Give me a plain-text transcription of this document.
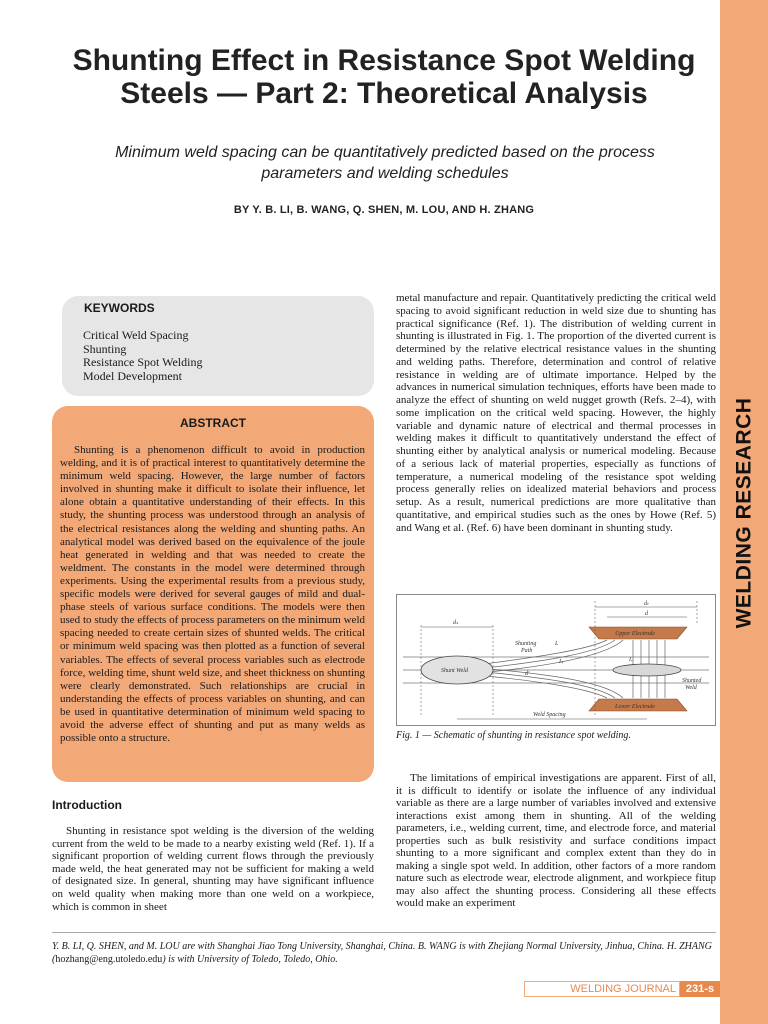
WELDING RESEARCH
Shunting Effect in Resistance Spot Welding Steels — Part 2: Theoretical Analysis

Minimum weld spacing can be quantitatively predicted based on the process parameters and welding schedules

BY Y. B. LI, B. WANG, Q. SHEN, M. LOU, AND H. ZHANG

KEYWORDS
Critical Weld Spacing
Shunting
Resistance Spot Welding
Model Development
ABSTRACT

Shunting is a phenomenon difficult to avoid in production welding, and it is of practical interest to quantitatively determine the minimum weld spacing. However, the large number of factors involved in shunting make it difficult to isolate their influence, let alone obtain a quantitative understanding of their effects. In this study, the shunting process was understood through an analysis of the electrical resistances along the welding and shunting paths. An analytical model was derived based on the equivalence of the joule heat generated in welding and that was needed to create the weldment. The constants in the model were determined through experiments. Using the experimental results from a previous study, specific models were derived for several gauges of mild and dual-phase steels of various surface conditions. The models were then used to study the effects of process parameters on the minimum weld spacing needed to create certain sizes of shunted welds. The critical or minimum weld spacing was then plotted as a function of several variables. The effects of several process variables such as electrode force, welding time, shunt weld size, and sheet thickness on shunting were clearly demonstrated. Such relationships are crucial in understanding the effects of process variables on shunting, and can be used in quantitative determination of minimum weld spacing to avoid the adverse effect of shunting and put as many welds as possible onto a structure.

Introduction

Shunting in resistance spot welding is the diversion of the welding current from the weld to be made to a nearby existing weld (Ref. 1). If a significant proportion of welding current flows through the previously made weld, the heat generated may not be sufficient for making a weld of designated size. In general, shunting may have significant influence on weld quality when making more than one weld on a workpiece, which is common in sheet

metal manufacture and repair. Quantitatively predicting the critical weld spacing to avoid significant reduction in weld size due to shunting has practical significance (Ref. 1). The distribution of welding current in shunting is illustrated in Fig. 1. The proportion of the diverted current is determined by the relative electrical resistance values in the shunting and welding paths. Therefore, determination and control of relative resistance in welding are of ultimate importance. Helped by the advances in numerical simulation techniques, efforts have been made to analyze the effect of shunting on weld nugget growth (Refs. 2–4), with some implication on the critical weld spacing. However, the highly variable and dynamic nature of electrical and thermal processes in welding makes it difficult to quantitatively understand the effect of shunting either by analytical analysis or numerical modeling. Because of a serious lack of material properties, especially as functions of temperature, a numerical modeling of the resistance spot welding process generally relies on idealized material behaviors and process setup. As a result, numerical predictions are more qualitative than quantitative, and empirical studies such as the ones by Howe (Ref. 5) and Wang et al. (Ref. 6) have been dominant in shunting study.

dₛ
dₜ
d
Upper Electrode
Lower Electrode
Shunting
Path
L
Iₛ
d'
Iᵥ
Shunt Weld
Shunted
Weld
Weld Spacing

Fig. 1 — Schematic of shunting in resistance spot welding.

The limitations of empirical investigations are apparent. First of all, it is difficult to identify or isolate the influence of any individual variable as there are a large number of variables involved and extensive interactions exist among them in shunting. All of the welding parameters, i.e., welding current, time, and electrode force, and material properties such as bulk resistivity and surface conditions impact shunting to a more significant and complex extent than they do in making a single spot weld. In addition, other factors of a more random nature such as electrode wear, electrode alignment, and workpiece fitup may also affect the shunting process. Considering all these effects would make an experiment

Y. B. LI, Q. SHEN, and M. LOU are with Shanghai Jiao Tong University, Shanghai, China. B. WANG is with Zhejiang Normal University, Jinhua, China. H. ZHANG (hozhang@eng.utoledo.edu) is with University of Toledo, Toledo, Ohio.

WELDING JOURNAL 231-s
